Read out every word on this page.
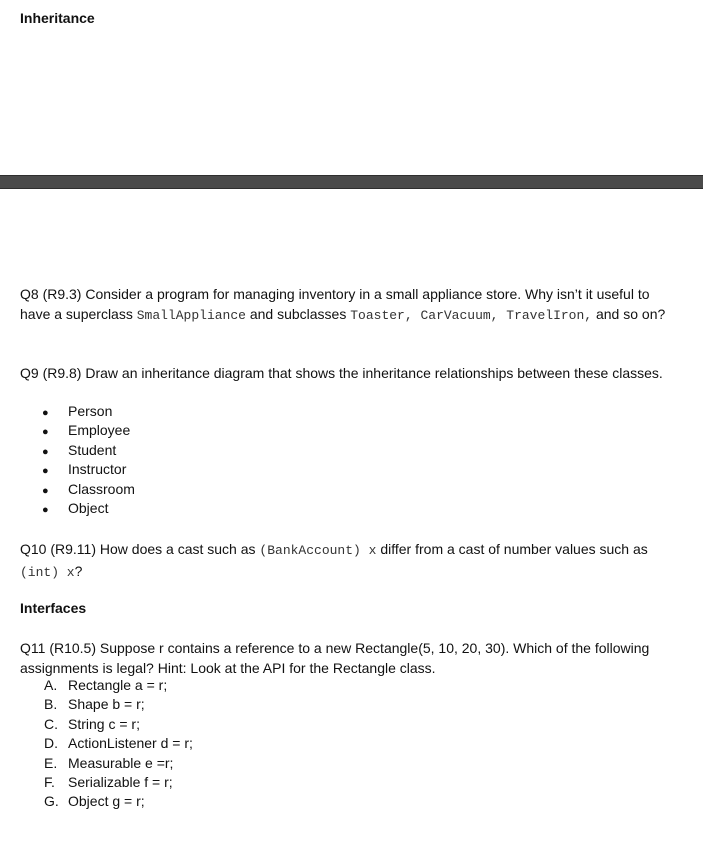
Inheritance
Q8 (R9.3) Consider a program for managing inventory in a small appliance store. Why isn’t it useful to have a superclass SmallAppliance and subclasses Toaster, CarVacuum, TravelIron, and so on?
Q9 (R9.8) Draw an inheritance diagram that shows the inheritance relationships between these classes.
● Person
● Employee
● Student
● Instructor
● Classroom
● Object
Q10 (R9.11) How does a cast such as (BankAccount) x differ from a cast of number values such as (int) x?
Interfaces
Q11 (R10.5) Suppose r contains a reference to a new Rectangle(5, 10, 20, 30). Which of the following assignments is legal? Hint: Look at the API for the Rectangle class.
A. Rectangle a = r;
B. Shape b = r;
C. String c = r;
D. ActionListener d = r;
E. Measurable e =r;
F. Serializable f = r;
G. Object g = r;
